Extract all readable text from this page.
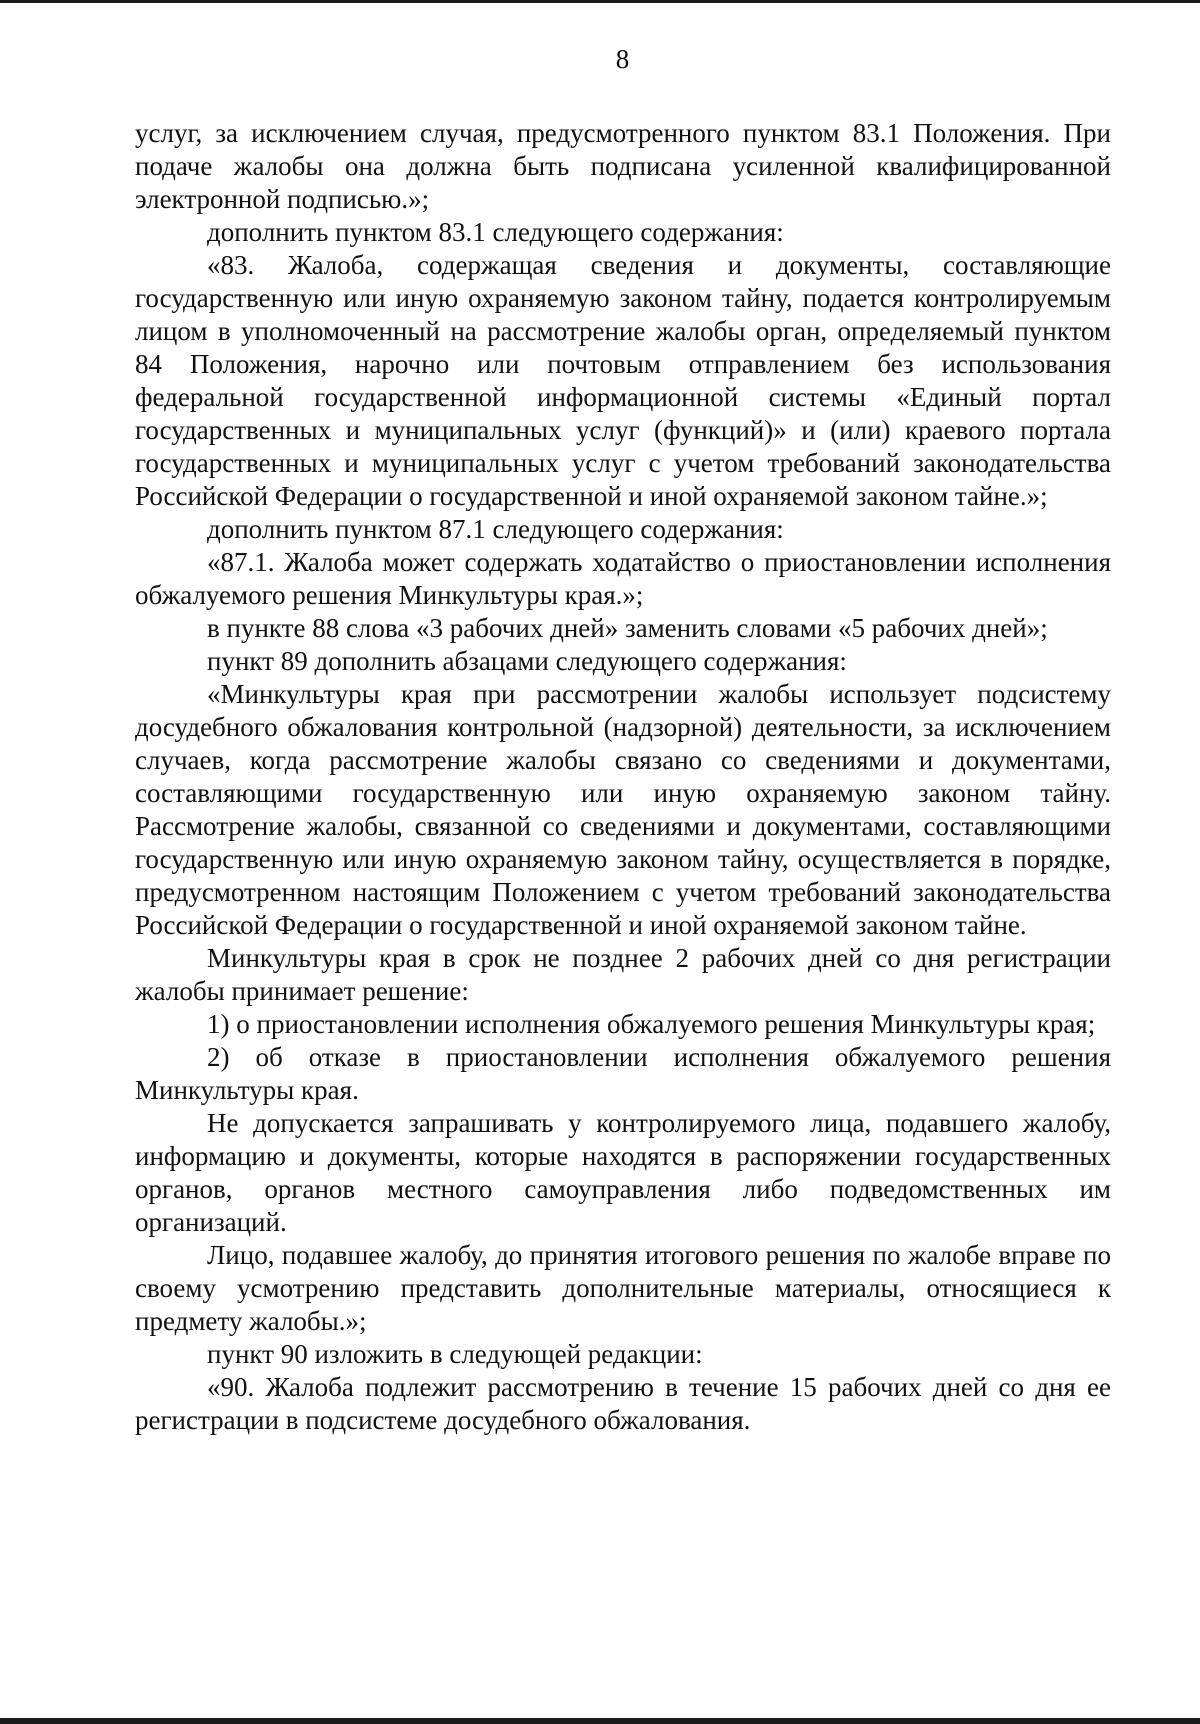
8

услуг, за исключением случая, предусмотренного пунктом 83.1 Положения. При подаче жалобы она должна быть подписана усиленной квалифицированной электронной подписью.»;

дополнить пунктом 83.1 следующего содержания:

«83. Жалоба, содержащая сведения и документы, составляющие государственную или иную охраняемую законом тайну, подается контролируемым лицом в уполномоченный на рассмотрение жалобы орган, определяемый пунктом 84 Положения, нарочно или почтовым отправлением без использования федеральной государственной информационной системы «Единый портал государственных и муниципальных услуг (функций)» и (или) краевого портала государственных и муниципальных услуг с учетом требований законодательства Российской Федерации о государственной и иной охраняемой законом тайне.»;

дополнить пунктом 87.1 следующего содержания:

«87.1. Жалоба может содержать ходатайство о приостановлении исполнения обжалуемого решения Минкультуры края.»;

в пункте 88 слова «3 рабочих дней» заменить словами «5 рабочих дней»;

пункт 89 дополнить абзацами следующего содержания:

«Минкультуры края при рассмотрении жалобы использует подсистему досудебного обжалования контрольной (надзорной) деятельности, за исключением случаев, когда рассмотрение жалобы связано со сведениями и документами, составляющими государственную или иную охраняемую законом тайну. Рассмотрение жалобы, связанной со сведениями и документами, составляющими государственную или иную охраняемую законом тайну, осуществляется в порядке, предусмотренном настоящим Положением с учетом требований законодательства Российской Федерации о государственной и иной охраняемой законом тайне.

Минкультуры края в срок не позднее 2 рабочих дней со дня регистрации жалобы принимает решение:

1) о приостановлении исполнения обжалуемого решения Минкультуры края;

2) об отказе в приостановлении исполнения обжалуемого решения Минкультуры края.

Не допускается запрашивать у контролируемого лица, подавшего жалобу, информацию и документы, которые находятся в распоряжении государственных органов, органов местного самоуправления либо подведомственных им организаций.

Лицо, подавшее жалобу, до принятия итогового решения по жалобе вправе по своему усмотрению представить дополнительные материалы, относящиеся к предмету жалобы.»;

пункт 90 изложить в следующей редакции:

«90. Жалоба подлежит рассмотрению в течение 15 рабочих дней со дня ее регистрации в подсистеме досудебного обжалования.
